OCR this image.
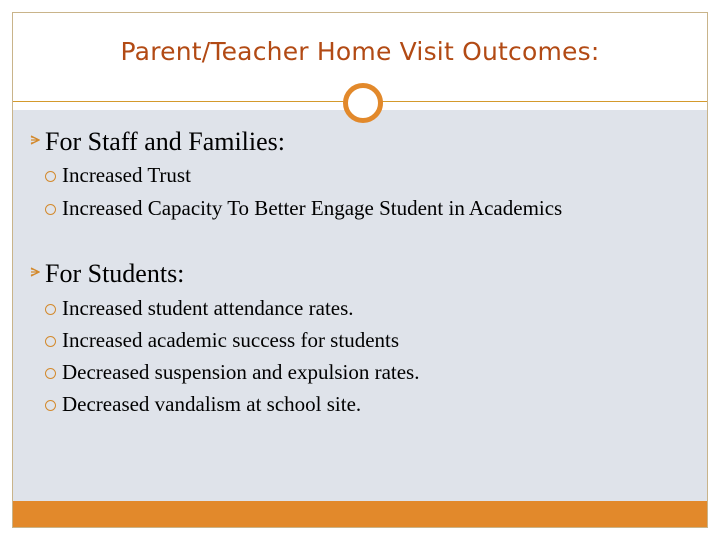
Parent/Teacher Home Visit Outcomes:
For Staff and Families:
Increased Trust
Increased Capacity To Better Engage Student in Academics
For Students:
Increased student attendance rates.
Increased academic success for students
Decreased suspension and expulsion rates.
Decreased vandalism at school site.
